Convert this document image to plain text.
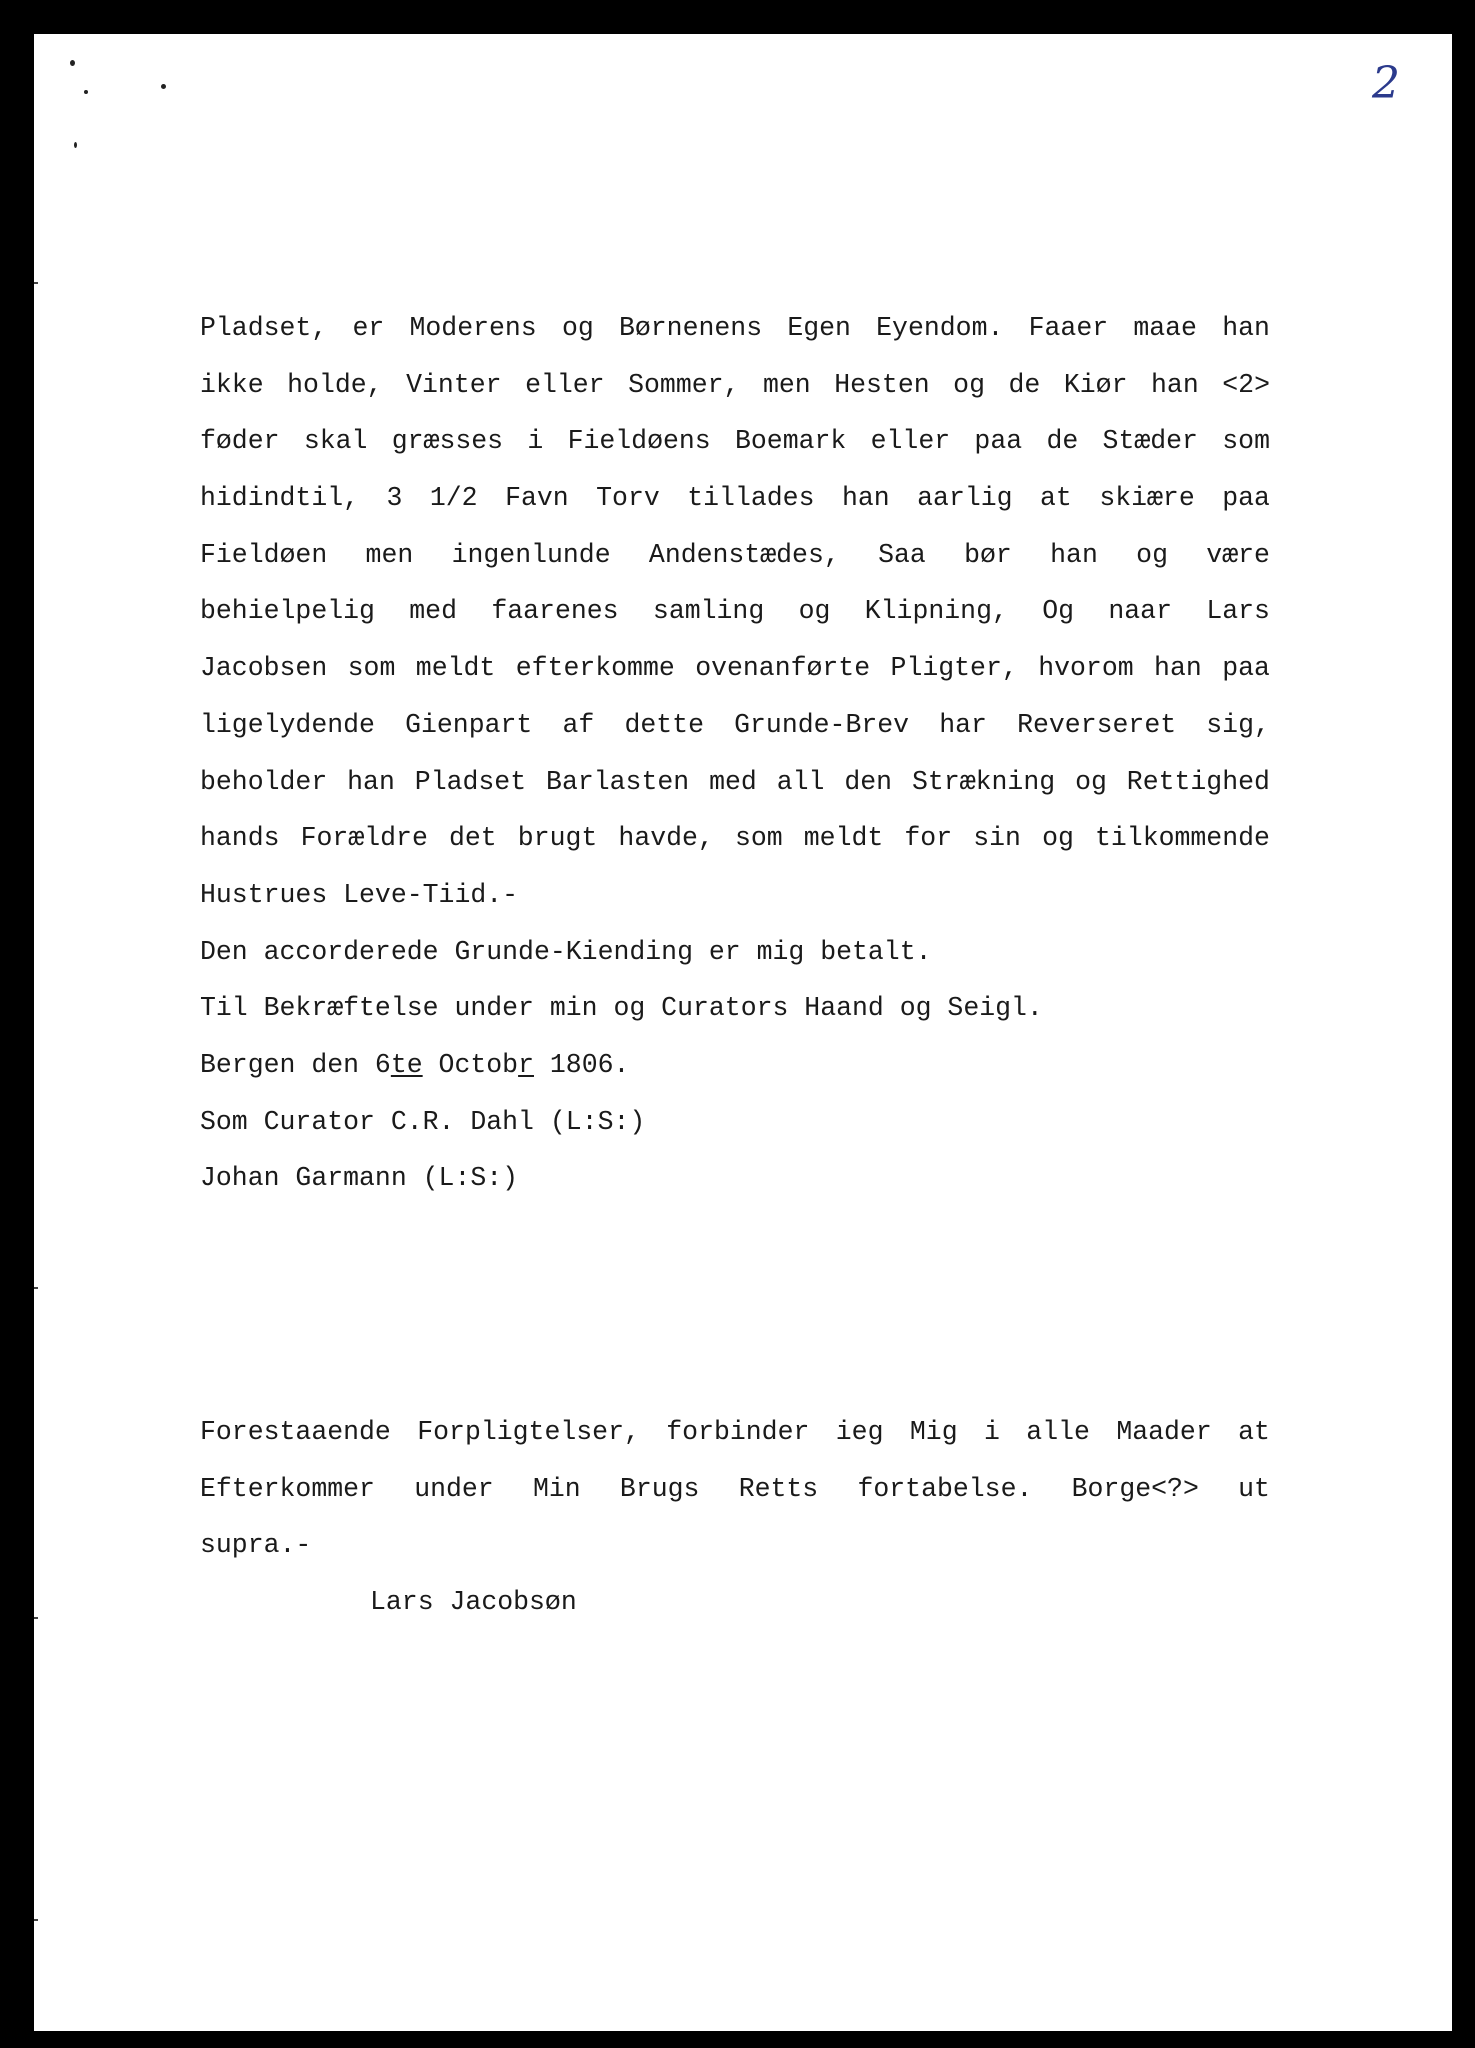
2
Pladset, er Moderens og Børnenens Egen Eyendom. Faaer maae han
ikke holde, Vinter eller Sommer, men Hesten og de Kiør han <2>
føder skal græsses i Fieldøens Boemark eller paa de Stæder som
hidindtil, 3 1/2 Favn Torv tillades han aarlig at skiære paa
Fieldøen men ingenlunde Andenstædes, Saa bør han og være
behielpelig med faarenes samling og Klipning, Og naar Lars
Jacobsen som meldt efterkomme ovenanførte Pligter, hvorom han paa
ligelydende Gienpart af dette Grunde-Brev har Reverseret sig,
beholder han Pladset Barlasten med all den Strækning og Rettighed
hands Forældre det brugt havde, som meldt for sin og tilkommende
Hustrues Leve-Tiid.-
Den accorderede Grunde-Kiending er mig betalt.
Til Bekræftelse under min og Curators Haand og Seigl.
Bergen den 6te Octobr 1806.
Som Curator C.R. Dahl (L:S:)
Johan Garmann (L:S:)
Forestaaende Forpligtelser, forbinder ieg Mig i alle Maader at
Efterkommer under Min Brugs Retts fortabelse. Borge<?> ut
supra.-
Lars Jacobsøn
